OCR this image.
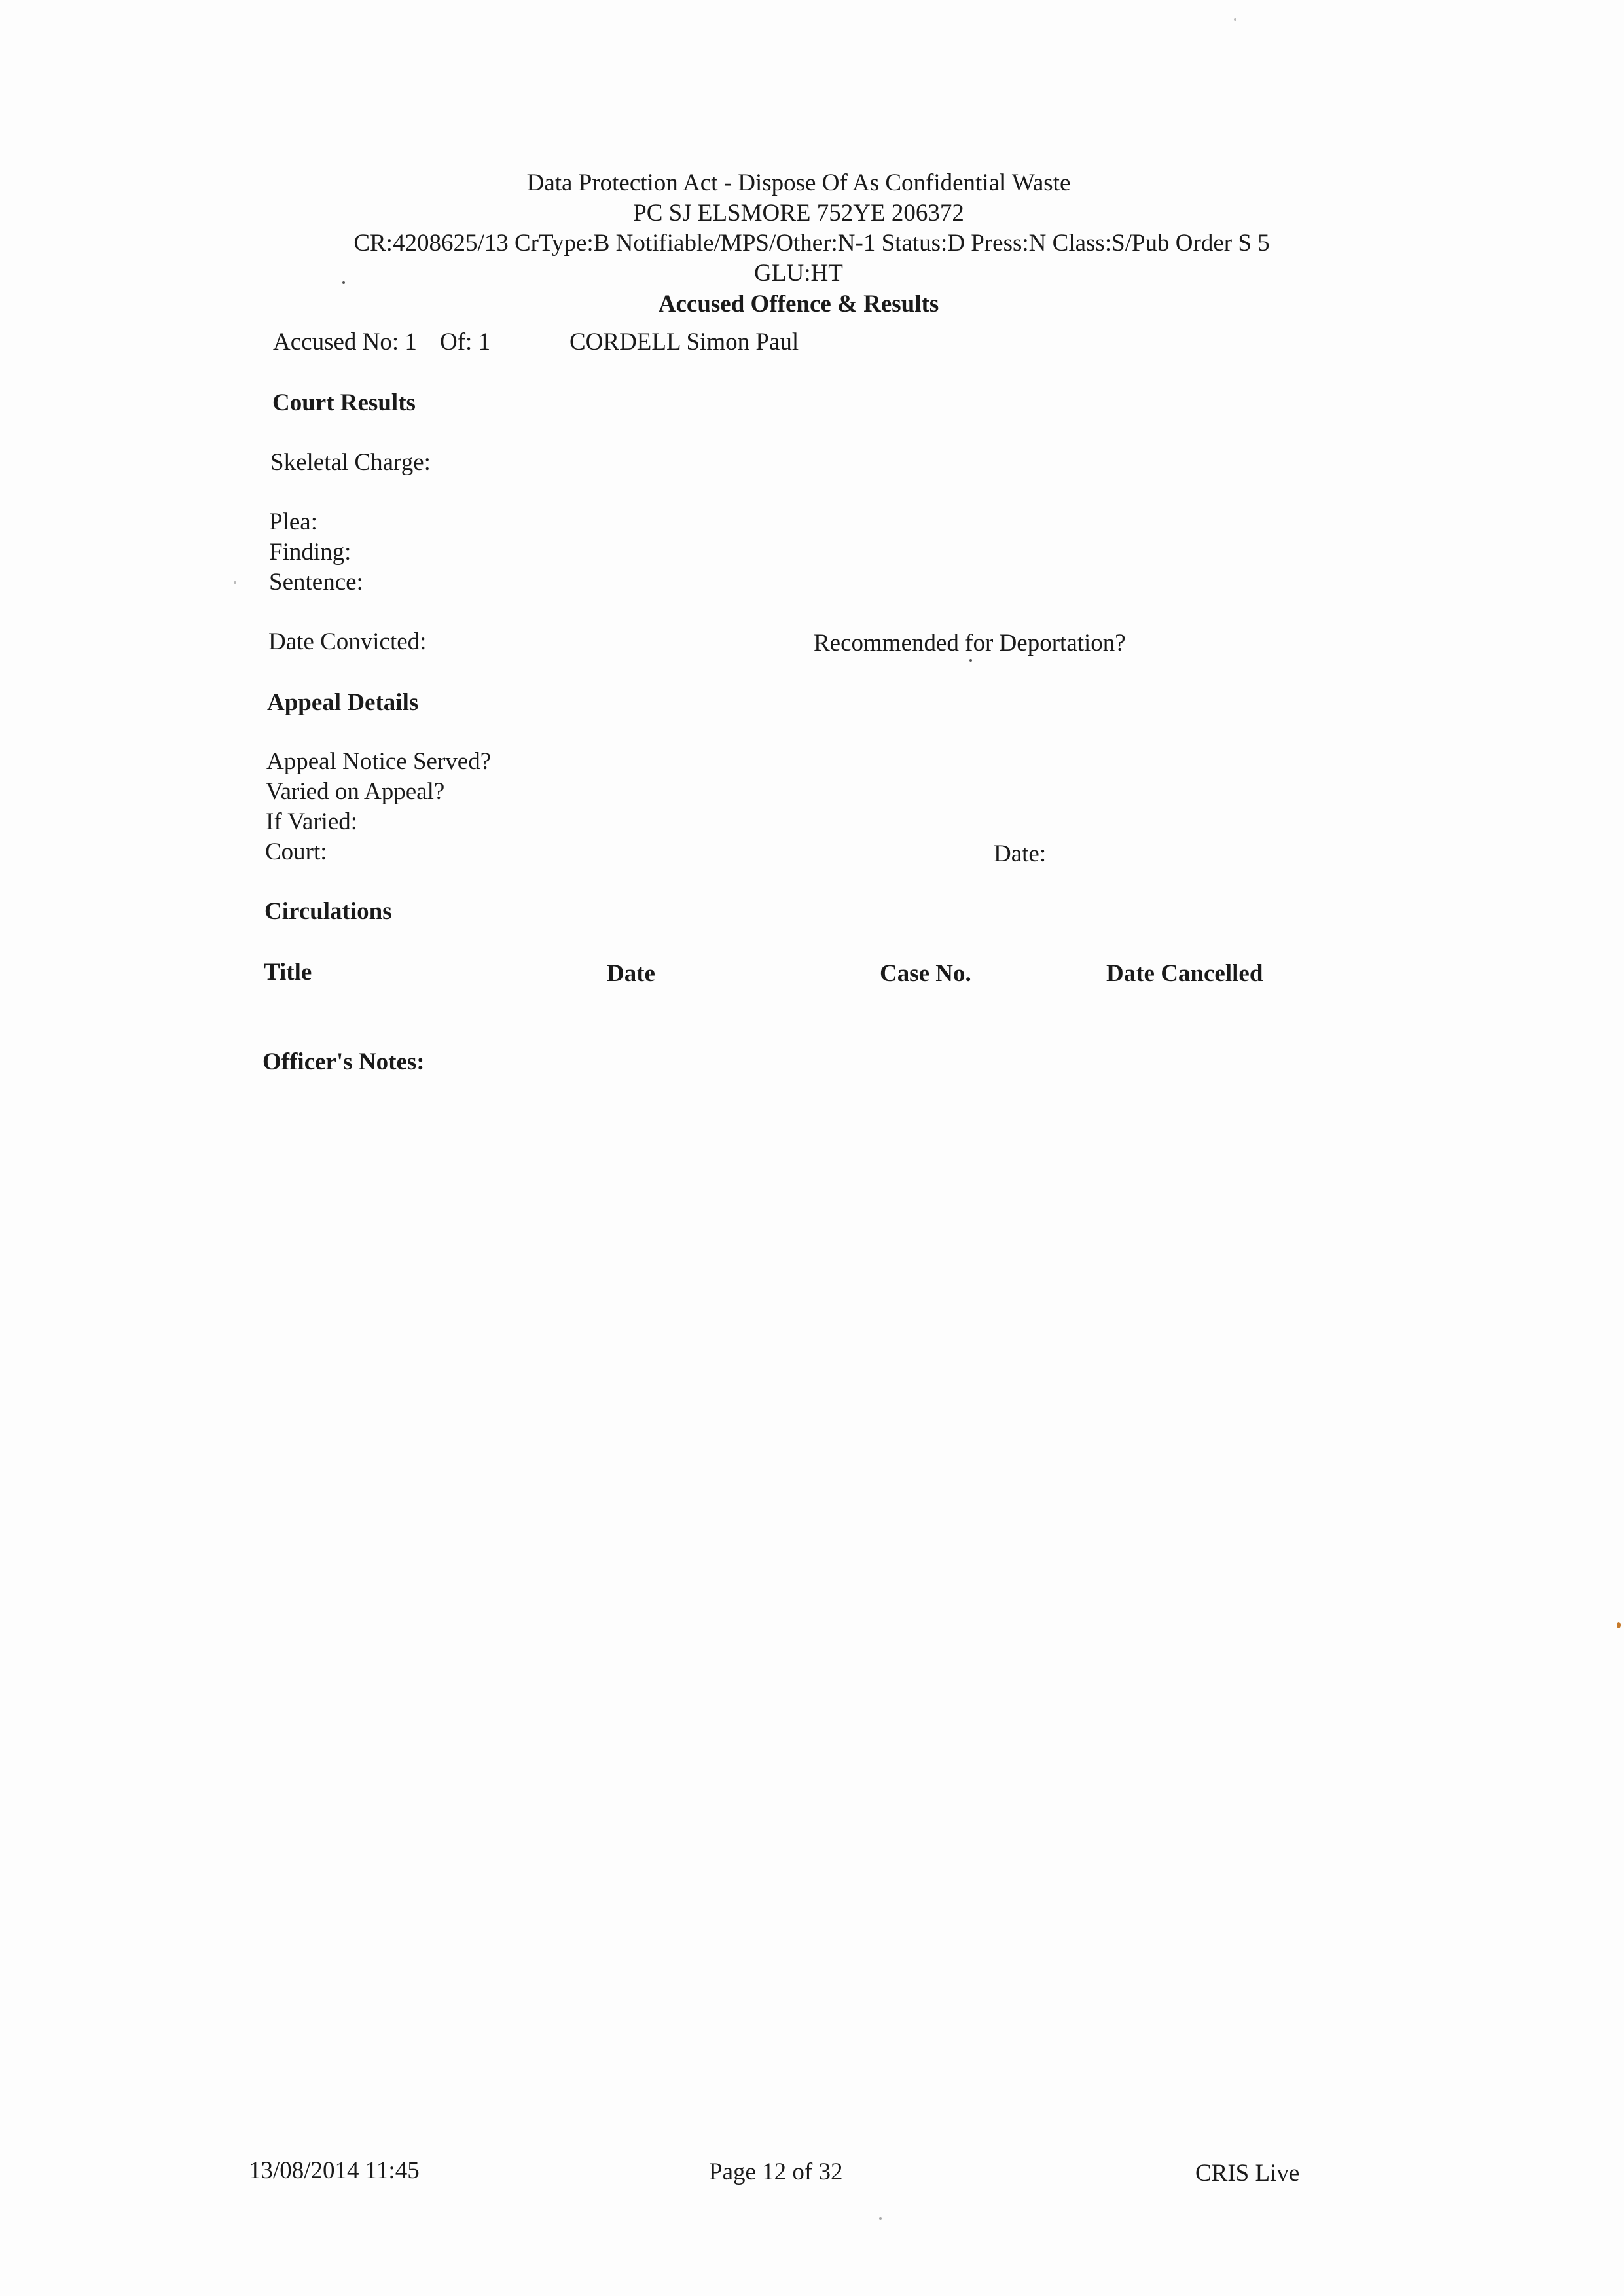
Data Protection Act - Dispose Of As Confidential Waste
PC SJ ELSMORE 752YE 206372
CR:4208625/13 CrType:B Notifiable/MPS/Other:N-1 Status:D Press:N Class:S/Pub Order S 5
GLU:HT
Accused Offence & Results
Accused No: 1 Of: 1	CORDELL Simon Paul
Court Results
Skeletal Charge:
Plea:
Finding:
Sentence:
Date Convicted:	Recommended for Deportation?
Appeal Details
Appeal Notice Served?
Varied on Appeal?
If Varied:
Court:	Date:
Circulations
Title	Date	Case No.	Date Cancelled
Officer's Notes:
13/08/2014 11:45	Page 12 of 32	CRIS Live
